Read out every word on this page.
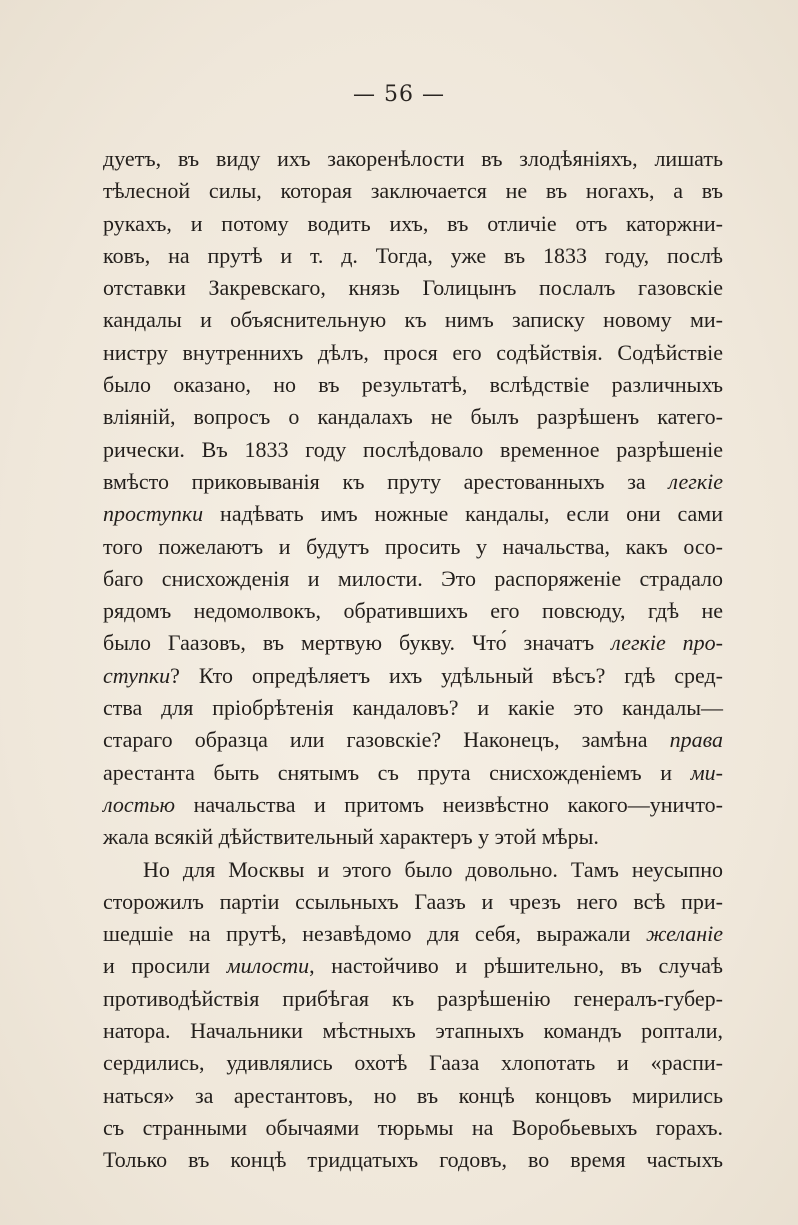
— 56 —
дуетъ, въ виду ихъ закоренѣлости въ злодѣяніяхъ, лишать
тѣлесной силы, которая заключается не въ ногахъ, а въ
рукахъ, и потому водить ихъ, въ отличіе отъ каторжни-
ковъ, на прутѣ и т. д. Тогда, уже въ 1833 году, послѣ
отставки Закревскаго, князь Голицынъ послалъ газовскіе
кандалы и объяснительную къ нимъ записку новому ми-
нистру внутреннихъ дѣлъ, прося его содѣйствія. Содѣйствіе
было оказано, но въ результатѣ, вслѣдствіе различныхъ
вліяній, вопросъ о кандалахъ не былъ разрѣшенъ катего-
рически. Въ 1833 году послѣдовало временное разрѣшеніе
вмѣсто приковыванія къ пруту арестованныхъ за легкіе
проступки надѣвать имъ ножные кандалы, если они сами
того пожелаютъ и будутъ просить у начальства, какъ осо-
баго снисхожденія и милости. Это распоряженіе страдало
рядомъ недомолвокъ, обратившихъ его повсюду, гдѣ не
было Гаазовъ, въ мертвую букву. Что́ значатъ легкіе про-
ступки? Кто опредѣляетъ ихъ удѣльный вѣсъ? гдѣ сред-
ства для пріобрѣтенія кандаловъ? и какіе это кандалы—
стараго образца или газовскіе? Наконецъ, замѣна права
арестанта быть снятымъ съ прута снисхожденіемъ и ми-
лостью начальства и притомъ неизвѣстно какого—уничто-
жала всякій дѣйствительный характеръ у этой мѣры.
Но для Москвы и этого было довольно. Тамъ неусыпно
сторожилъ партіи ссыльныхъ Гаазъ и чрезъ него всѣ при-
шедшіе на прутѣ, незавѣдомо для себя, выражали желаніе
и просили милости, настойчиво и рѣшительно, въ случаѣ
противодѣйствія прибѣгая къ разрѣшенію генералъ-губер-
натора. Начальники мѣстныхъ этапныхъ командъ роптали,
сердились, удивлялись охотѣ Гааза хлопотать и «распи-
наться» за арестантовъ, но въ концѣ концовъ мирились
съ странными обычаями тюрьмы на Воробьевыхъ горахъ.
Только въ концѣ тридцатыхъ годовъ, во время частыхъ
